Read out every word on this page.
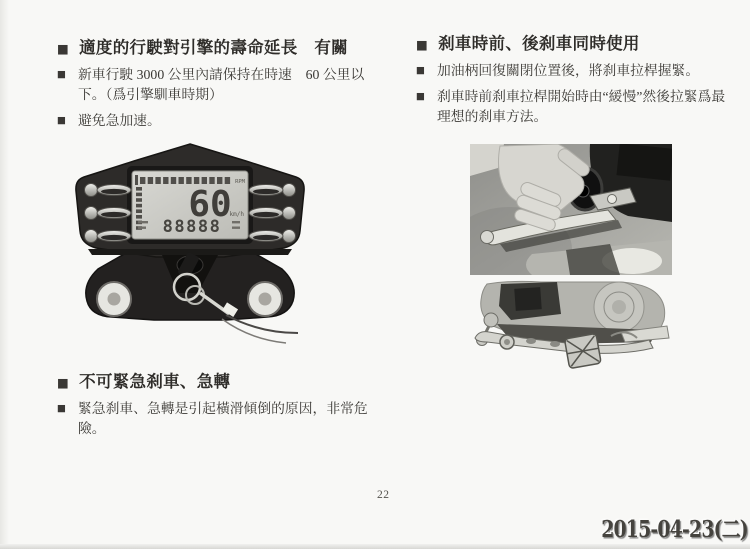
■ 適度的行駛對引擎的壽命延長　有關
■ 新車行駛 3000 公里內請保持在時速　60 公里以下。（爲引擎馴車時期）
■ 避免急加速。
RPM
60
km/h
88888
■ 不可緊急刹車、急轉
■ 緊急刹車、急轉是引起橫滑傾倒的原因，非常危險。
■ 刹車時前、後刹車同時使用
■ 加油柄回復關閉位置後，將刹車拉桿握緊。
■ 刹車時前刹車拉桿開始時由“緩慢”然後拉緊爲最理想的刹車方法。
22
2015-04-23(二)
